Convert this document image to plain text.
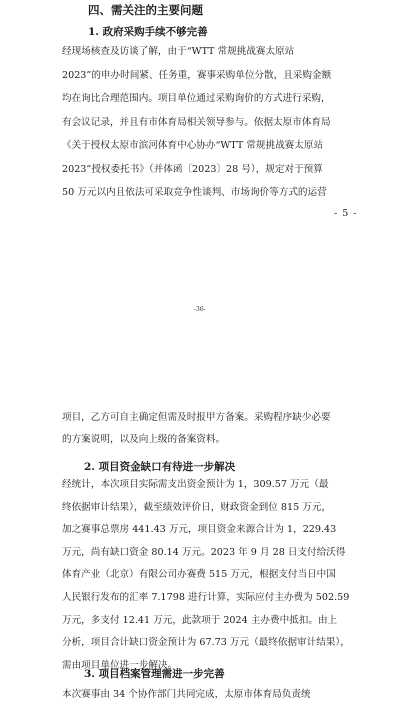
四、需关注的主要问题
1. 政府采购手续不够完善
经现场核查及访谈了解，由于“WTT 常规挑战赛太原站
2023”的申办时间紧、任务重，赛事采购单位分散，且采购金额
均在询比合理范围内。项目单位通过采购询价的方式进行采购，
有会议记录，并且有市体育局相关领导参与。依据太原市体育局
《关于授权太原市滨河体育中心协办“WTT 常规挑战赛太原站
2023”授权委托书》（并体函〔2023〕28 号），规定对于预算
50 万元以内且依法可采取竞争性谈判、市场询价等方式的运营
- 5 -
-36-
项目，乙方可自主确定但需及时报甲方备案。采购程序缺少必要
的方案说明，以及向上级的备案资料。
2. 项目资金缺口有待进一步解决
经统计，本次项目实际需支出资金预计为 1，309.57 万元（最
终依据审计结果），截至绩效评价日，财政资金到位 815 万元，
加之赛事总票房 441.43 万元，项目资金来源合计为 1，229.43
万元，尚有缺口资金 80.14 万元。2023 年 9 月 28 日支付给沃得
体育产业（北京）有限公司办赛费 515 万元，根据支付当日中国
人民银行发布的汇率 7.1798 进行计算，实际应付主办费为 502.59
万元，多支付 12.41 万元，此款项于 2024 主办费中抵扣。由上
分析，项目合计缺口资金预计为 67.73 万元（最终依据审计结果），
需由项目单位进一步解决。
3. 项目档案管理需进一步完善
本次赛事由 34 个协作部门共同完成，太原市体育局负责统
